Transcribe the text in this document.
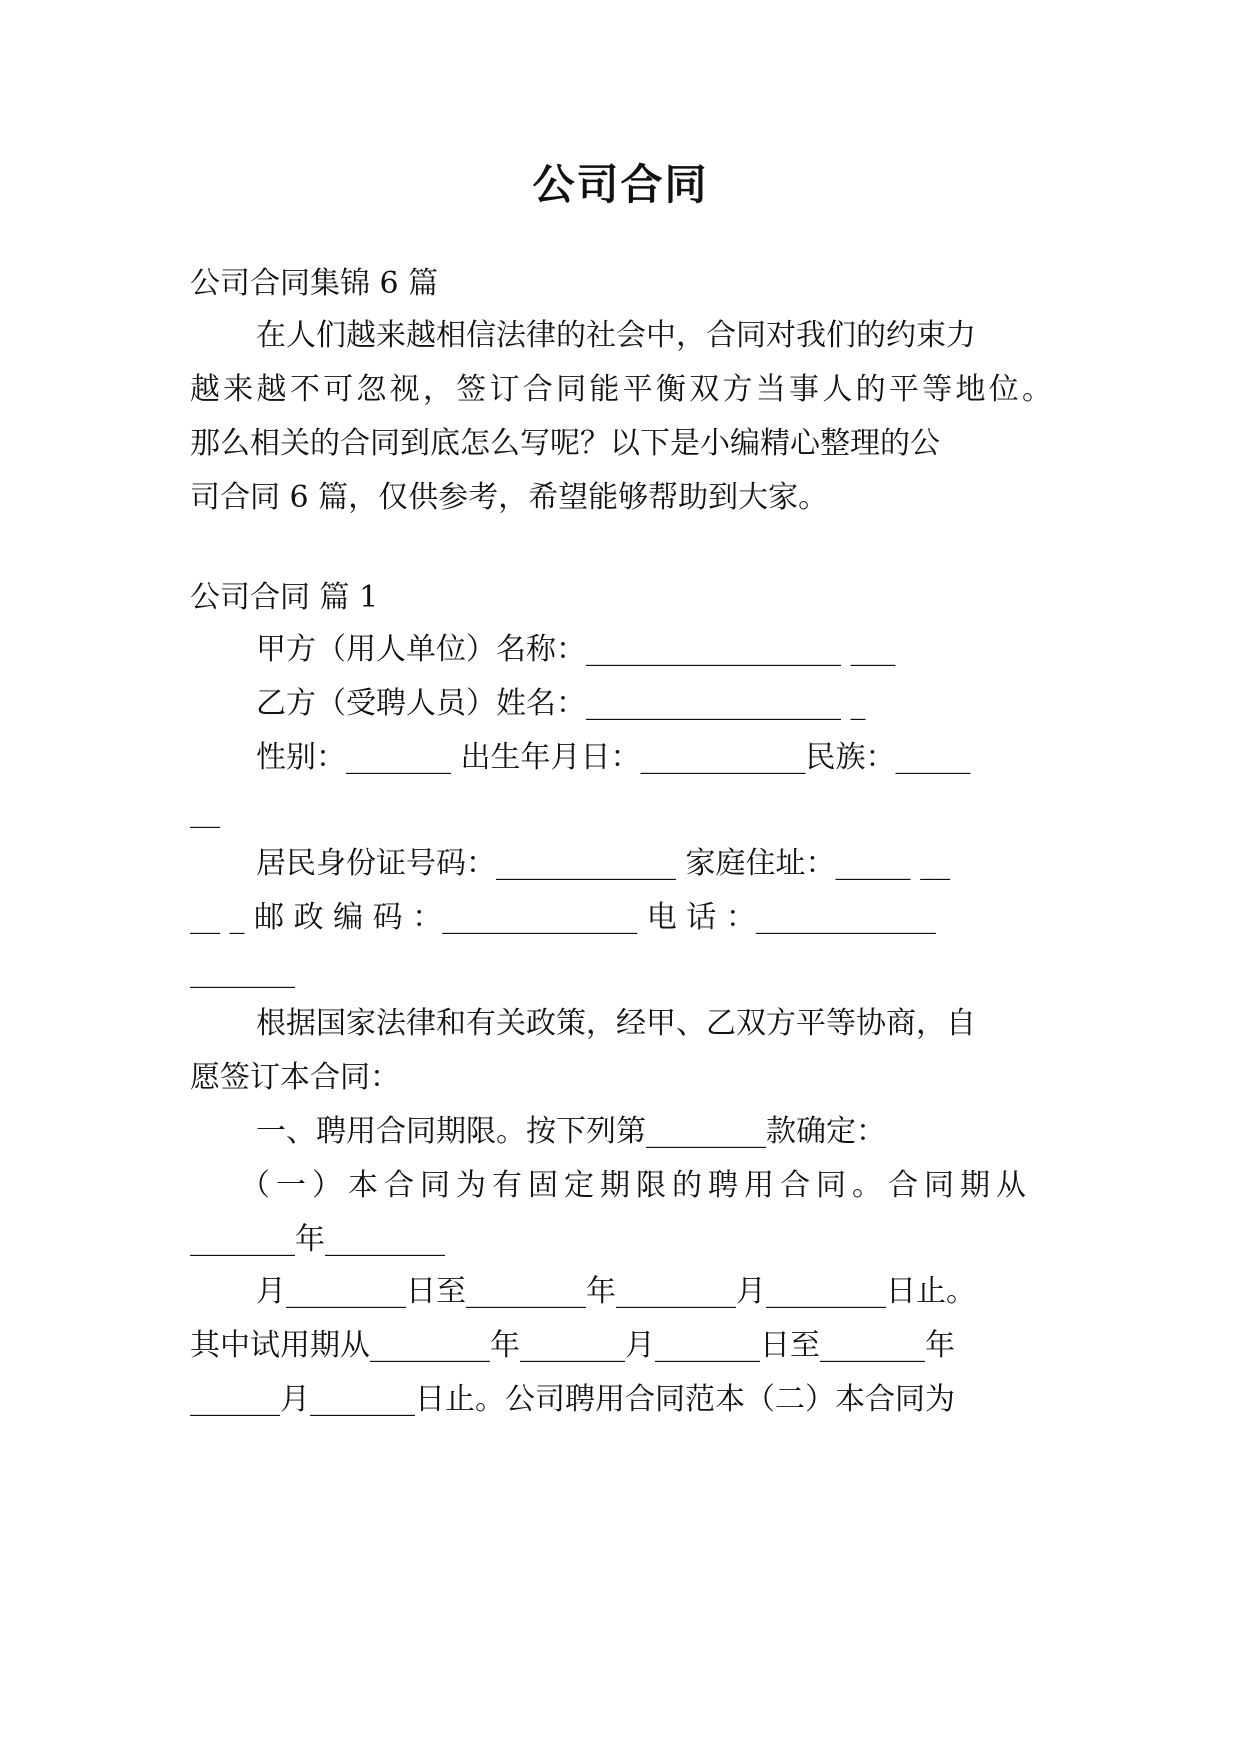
公司合同
公司合同集锦 6 篇
在人们越来越相信法律的社会中，合同对我们的约束力
越来越不可忽视，签订合同能平衡双方当事人的平等地位。
那么相关的合同到底怎么写呢？以下是小编精心整理的公
司合同 6 篇，仅供参考，希望能够帮助到大家。
公司合同 篇 1
甲方（用人单位）名称：_________________ ___
乙方（受聘人员）姓名：_________________ _
性别：_______ 出生年月日：___________民族：_____
__
居民身份证号码：____________ 家庭住址：_____ __
__ _ 邮 政 编 码 ：_____________ 电 话 ：____________
_______
根据国家法律和有关政策，经甲、乙双方平等协商，自
愿签订本合同：
一、聘用合同期限。按下列第________款确定：
（一）本合同为有固定期限的聘用合同。合同期从
_______年________
月________日至________年________月________日止。
其中试用期从________年_______月_______日至_______年
______月_______日止。公司聘用合同范本（二）本合同为
